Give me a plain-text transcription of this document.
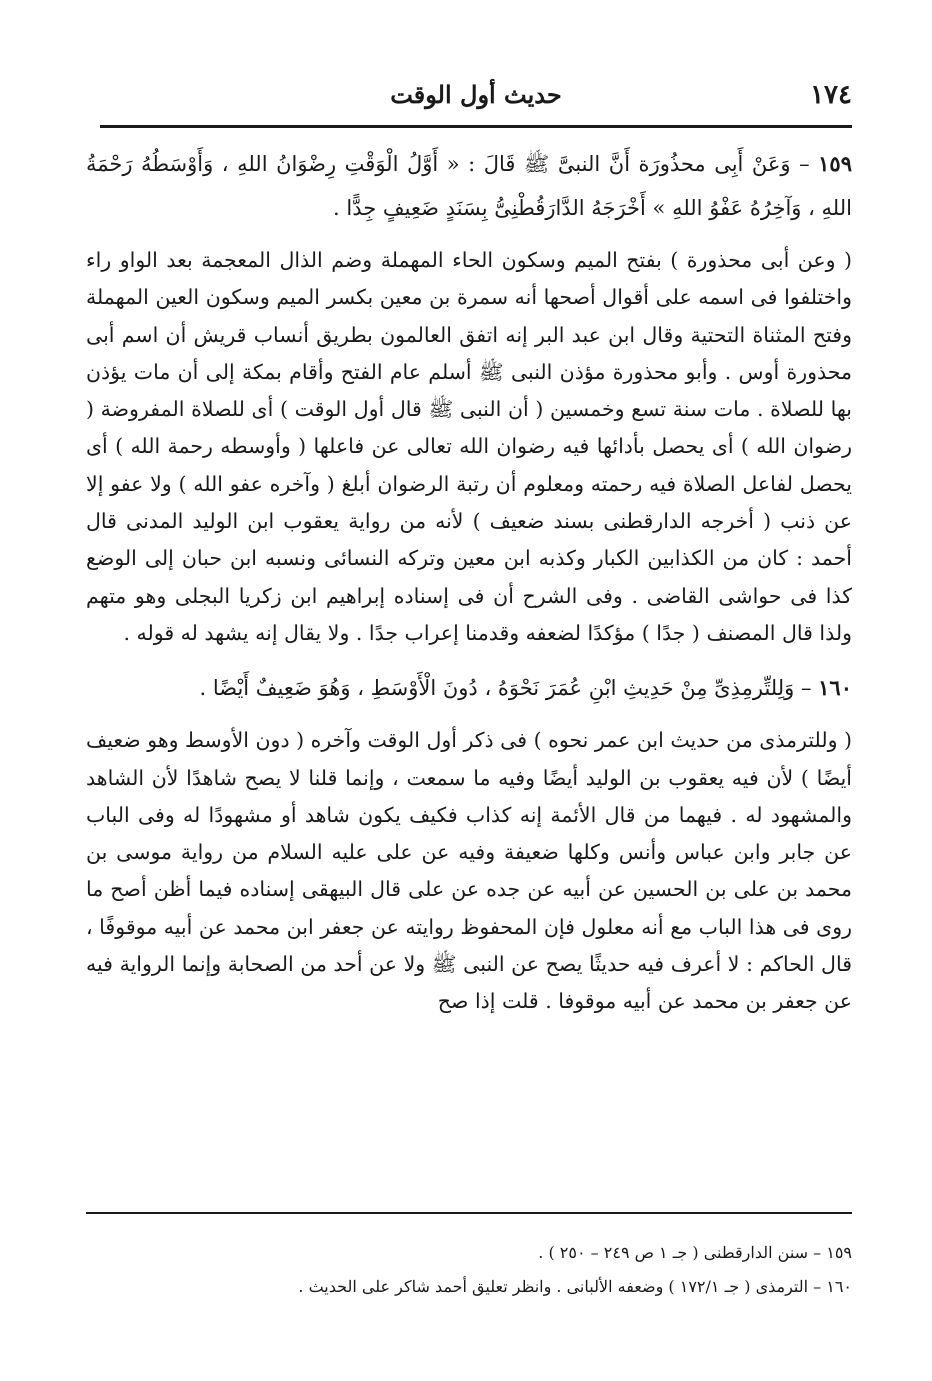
١٧٤
حديث أول الوقت

١٥٩ – وَعَنْ أَبِى محذُورَة أَنَّ النبىَّ ﷺ قَالَ : « أَوَّلُ الْوَقْتِ رِضْوَانُ اللهِ ، وَأَوْسَطُهُ رَحْمَةُ اللهِ ، وَآخِرُهُ عَفْوُ اللهِ » أَخْرَجَهُ الدَّارَقُطْنِىُّ بِسَنَدٍ ضَعِيفٍ جِدًّا .

( وعن أبى محذورة ) بفتح الميم وسكون الحاء المهملة وضم الذال المعجمة بعد الواو راء واختلفوا فى اسمه على أقوال أصحها أنه سمرة بن معين بكسر الميم وسكون العين المهملة وفتح المثناة التحتية وقال ابن عبد البر إنه اتفق العالمون بطريق أنساب قريش أن اسم أبى محذورة أوس . وأبو محذورة مؤذن النبى ﷺ أسلم عام الفتح وأقام بمكة إلى أن مات يؤذن بها للصلاة . مات سنة تسع وخمسين ( أن النبى ﷺ قال أول الوقت ) أى للصلاة المفروضة ( رضوان الله ) أى يحصل بأدائها فيه رضوان الله تعالى عن فاعلها ( وأوسطه رحمة الله ) أى يحصل لفاعل الصلاة فيه رحمته ومعلوم أن رتبة الرضوان أبلغ ( وآخره عفو الله ) ولا عفو إلا عن ذنب ( أخرجه الدارقطنى بسند ضعيف ) لأنه من رواية يعقوب ابن الوليد المدنى قال أحمد : كان من الكذابين الكبار وكذبه ابن معين وتركه النسائى ونسبه ابن حبان إلى الوضع كذا فى حواشى القاضى . وفى الشرح أن فى إسناده إبراهيم ابن زكريا البجلى وهو متهم ولذا قال المصنف ( جدًا ) مؤكدًا لضعفه وقدمنا إعراب جدًا . ولا يقال إنه يشهد له قوله .

١٦٠ – وَلِلتِّرمِذِىِّ مِنْ حَدِيثِ ابْنِ عُمَرَ نَحْوَهُ ، دُونَ الْأَوْسَطِ ، وَهُوَ ضَعِيفٌ أَيْضًا .

( وللترمذى من حديث ابن عمر نحوه ) فى ذكر أول الوقت وآخره ( دون الأوسط وهو ضعيف أيضًا ) لأن فيه يعقوب بن الوليد أيضًا وفيه ما سمعت ، وإنما قلنا لا يصح شاهدًا لأن الشاهد والمشهود له . فيهما من قال الأئمة إنه كذاب فكيف يكون شاهد أو مشهودًا له وفى الباب عن جابر وابن عباس وأنس وكلها ضعيفة وفيه عن على عليه السلام من رواية موسى بن محمد بن على بن الحسين عن أبيه عن جده عن على قال البيهقى إسناده فيما أظن أصح ما روى فى هذا الباب مع أنه معلول فإن المحفوظ روايته عن جعفر ابن محمد عن أبيه موقوفًا ، قال الحاكم : لا أعرف فيه حديثًا يصح عن النبى ﷺ ولا عن أحد من الصحابة وإنما الرواية فيه عن جعفر بن محمد عن أبيه موقوفا . قلت إذا صح

١٥٩ – سنن الدارقطنى ( جـ ١ ص ٢٤٩ – ٢٥٠ ) .

١٦٠ – الترمذى ( جـ ١٧٢/١ ) وضعفه الألبانى . وانظر تعليق أحمد شاكر على الحديث .
